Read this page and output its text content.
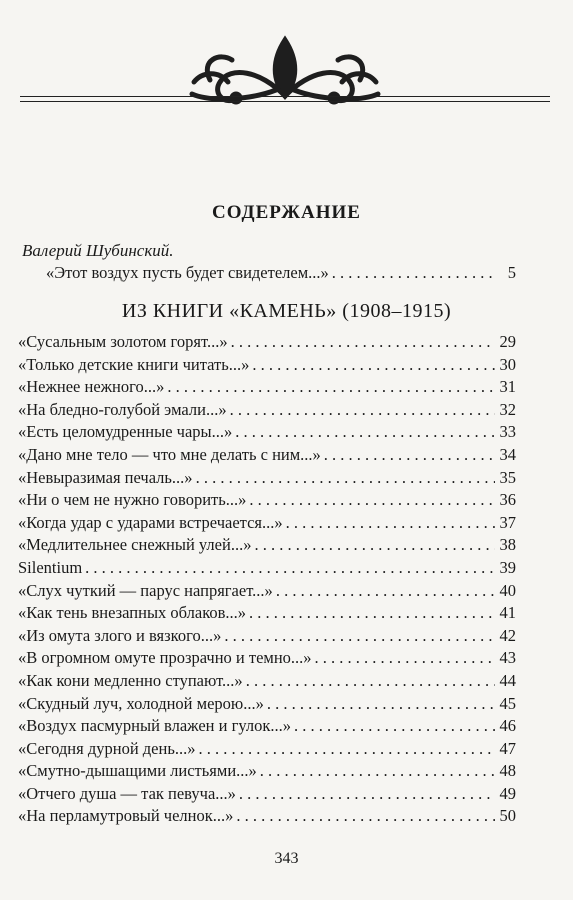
СОДЕРЖАНИЕ
Валерий Шубинский.
«Этот воздух пусть будет свидетелем...» . . .	5
ИЗ КНИГИ «КАМЕНЬ» (1908–1915)
«Сусальным золотом горят...» . . .	29
«Только детские книги читать...» . . .	30
«Нежнее нежного...» . . .	31
«На бледно-голубой эмали...» . . .	32
«Есть целомудренные чары...» . . .	33
«Дано мне тело — что мне делать с ним...» . . .	34
«Невыразимая печаль...» . . .	35
«Ни о чем не нужно говорить...» . . .	36
«Когда удар с ударами встречается...» . . .	37
«Медлительнее снежный улей...» . . .	38
Silentium . . .	39
«Слух чуткий — парус напрягает...» . . .	40
«Как тень внезапных облаков...» . . .	41
«Из омута злого и вязкого...» . . .	42
«В огромном омуте прозрачно и темно...» . . .	43
«Как кони медленно ступают...» . . .	44
«Скудный луч, холодной мерою...» . . .	45
«Воздух пасмурный влажен и гулок...» . . .	46
«Сегодня дурной день...» . . .	47
«Смутно-дышащими листьями...» . . .	48
«Отчего душа — так певуча...» . . .	49
«На перламутровый челнок...» . . .	50
343
